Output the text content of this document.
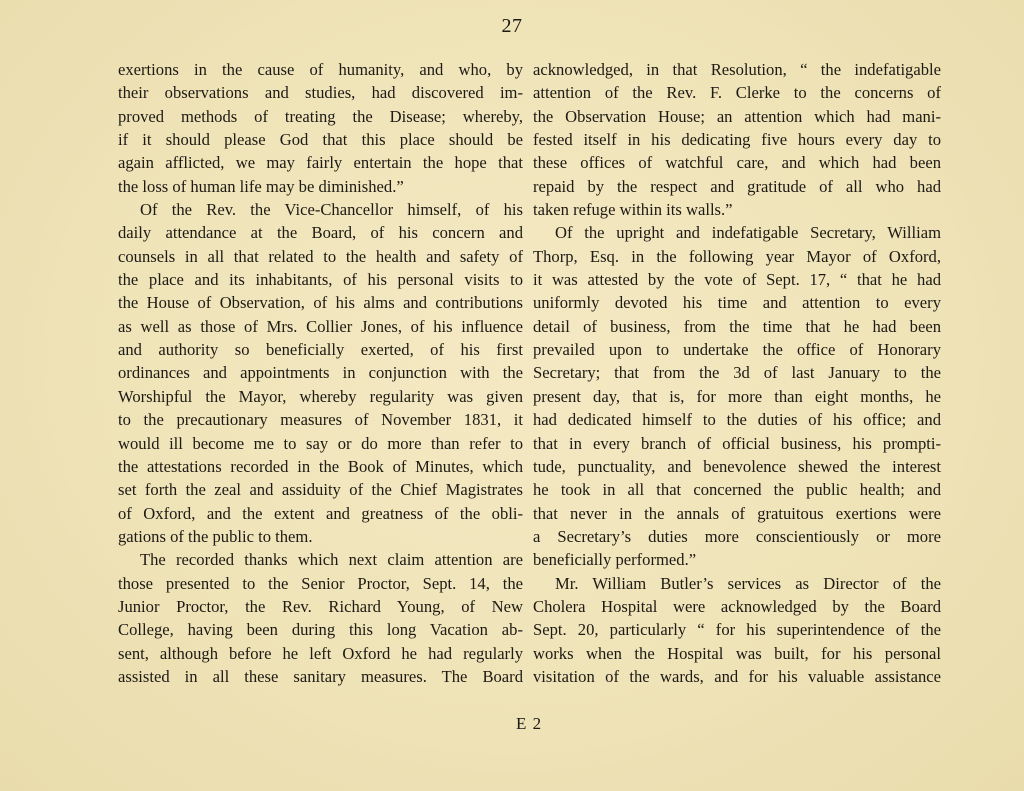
27
exertions in the cause of humanity, and who, by
their observations and studies, had discovered im-
proved methods of treating the Disease; whereby,
if it should please God that this place should be
again afflicted, we may fairly entertain the hope that
the loss of human life may be diminished.”
Of the Rev. the Vice-Chancellor himself, of his
daily attendance at the Board, of his concern and
counsels in all that related to the health and safety of
the place and its inhabitants, of his personal visits to
the House of Observation, of his alms and contributions
as well as those of Mrs. Collier Jones, of his influence
and authority so beneficially exerted, of his first
ordinances and appointments in conjunction with the
Worshipful the Mayor, whereby regularity was given
to the precautionary measures of November 1831, it
would ill become me to say or do more than refer to
the attestations recorded in the Book of Minutes, which
set forth the zeal and assiduity of the Chief Magistrates
of Oxford, and the extent and greatness of the obli-
gations of the public to them.
The recorded thanks which next claim attention are
those presented to the Senior Proctor, Sept. 14, the
Junior Proctor, the Rev. Richard Young, of New
College, having been during this long Vacation ab-
sent, although before he left Oxford he had regularly
assisted in all these sanitary measures. The Board
acknowledged, in that Resolution, “ the indefatigable
attention of the Rev. F. Clerke to the concerns of
the Observation House; an attention which had mani-
fested itself in his dedicating five hours every day to
these offices of watchful care, and which had been
repaid by the respect and gratitude of all who had
taken refuge within its walls.”
Of the upright and indefatigable Secretary, William
Thorp, Esq. in the following year Mayor of Oxford,
it was attested by the vote of Sept. 17, “ that he had
uniformly devoted his time and attention to every
detail of business, from the time that he had been
prevailed upon to undertake the office of Honorary
Secretary; that from the 3d of last January to the
present day, that is, for more than eight months, he
had dedicated himself to the duties of his office; and
that in every branch of official business, his prompti-
tude, punctuality, and benevolence shewed the interest
he took in all that concerned the public health; and
that never in the annals of gratuitous exertions were
a Secretary’s duties more conscientiously or more
beneficially performed.”
Mr. William Butler’s services as Director of the
Cholera Hospital were acknowledged by the Board
Sept. 20, particularly “ for his superintendence of the
works when the Hospital was built, for his personal
visitation of the wards, and for his valuable assistance
E 2
